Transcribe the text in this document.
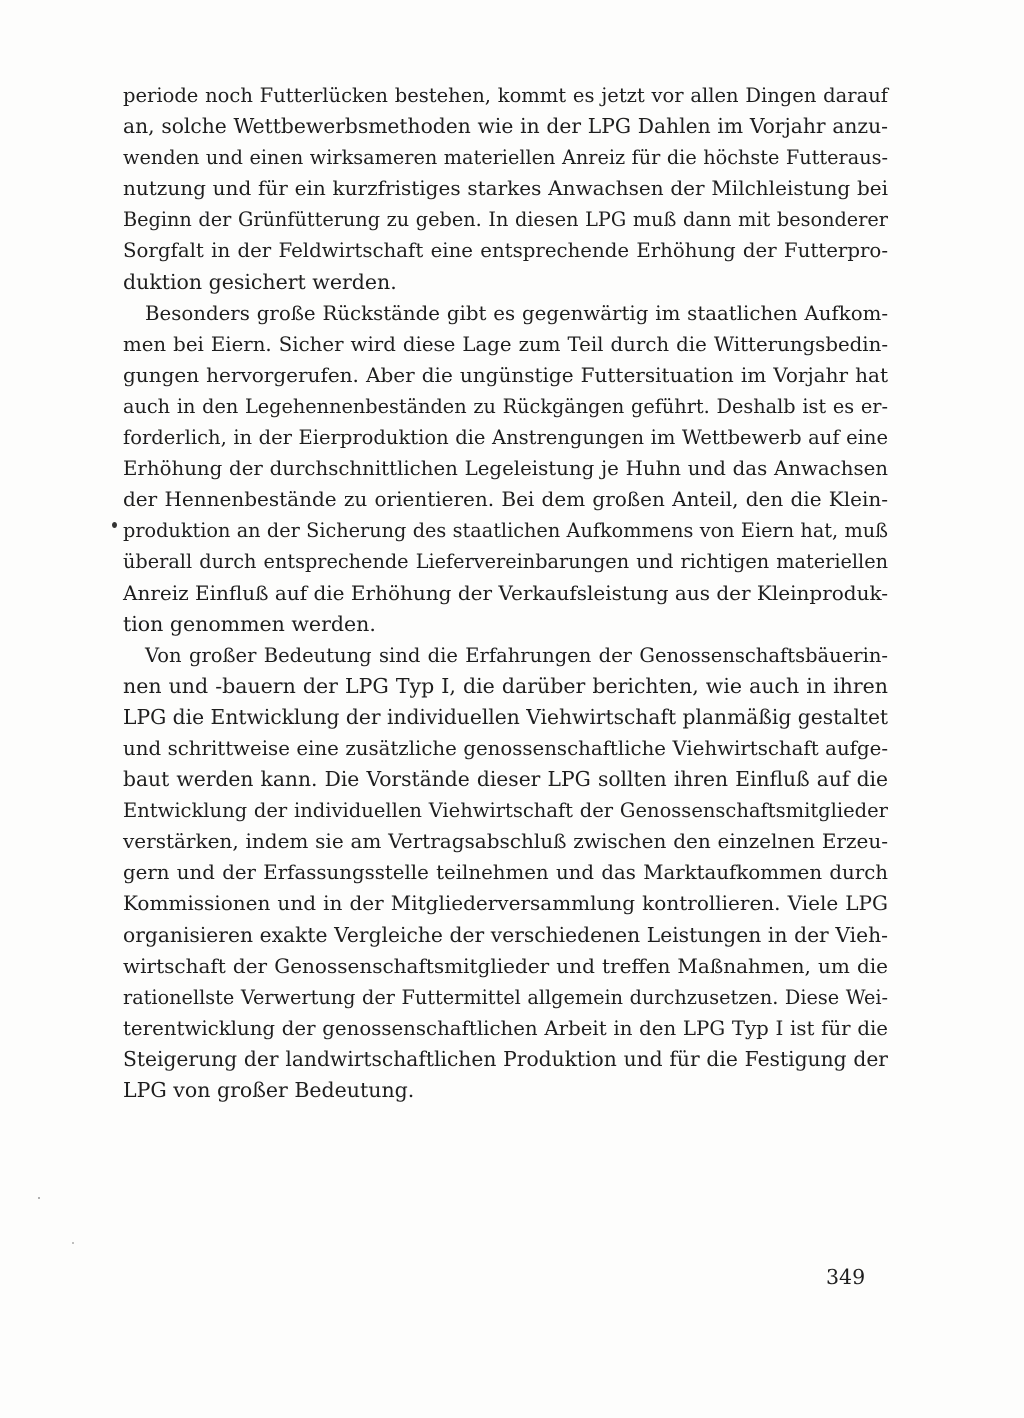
periode noch Futterlücken bestehen, kommt es jetzt vor allen Dingen darauf
an, solche Wettbewerbsmethoden wie in der LPG Dahlen im Vorjahr anzu-
wenden und einen wirksameren materiellen Anreiz für die höchste Futteraus-
nutzung und für ein kurzfristiges starkes Anwachsen der Milchleistung bei
Beginn der Grünfütterung zu geben. In diesen LPG muß dann mit besonderer
Sorgfalt in der Feldwirtschaft eine entsprechende Erhöhung der Futterpro-
duktion gesichert werden.
Besonders große Rückstände gibt es gegenwärtig im staatlichen Aufkom-
men bei Eiern. Sicher wird diese Lage zum Teil durch die Witterungsbedin-
gungen hervorgerufen. Aber die ungünstige Futtersituation im Vorjahr hat
auch in den Legehennenbeständen zu Rückgängen geführt. Deshalb ist es er-
forderlich, in der Eierproduktion die Anstrengungen im Wettbewerb auf eine
Erhöhung der durchschnittlichen Legeleistung je Huhn und das Anwachsen
der Hennenbestände zu orientieren. Bei dem großen Anteil, den die Klein-
produktion an der Sicherung des staatlichen Aufkommens von Eiern hat, muß
überall durch entsprechende Liefervereinbarungen und richtigen materiellen
Anreiz Einfluß auf die Erhöhung der Verkaufsleistung aus der Kleinproduk-
tion genommen werden.
Von großer Bedeutung sind die Erfahrungen der Genossenschaftsbäuerin-
nen und -bauern der LPG Typ I, die darüber berichten, wie auch in ihren
LPG die Entwicklung der individuellen Viehwirtschaft planmäßig gestaltet
und schrittweise eine zusätzliche genossenschaftliche Viehwirtschaft aufge-
baut werden kann. Die Vorstände dieser LPG sollten ihren Einfluß auf die
Entwicklung der individuellen Viehwirtschaft der Genossenschaftsmitglieder
verstärken, indem sie am Vertragsabschluß zwischen den einzelnen Erzeu-
gern und der Erfassungsstelle teilnehmen und das Marktaufkommen durch
Kommissionen und in der Mitgliederversammlung kontrollieren. Viele LPG
organisieren exakte Vergleiche der verschiedenen Leistungen in der Vieh-
wirtschaft der Genossenschaftsmitglieder und treffen Maßnahmen, um die
rationellste Verwertung der Futtermittel allgemein durchzusetzen. Diese Wei-
terentwicklung der genossenschaftlichen Arbeit in den LPG Typ I ist für die
Steigerung der landwirtschaftlichen Produktion und für die Festigung der
LPG von großer Bedeutung.
349
